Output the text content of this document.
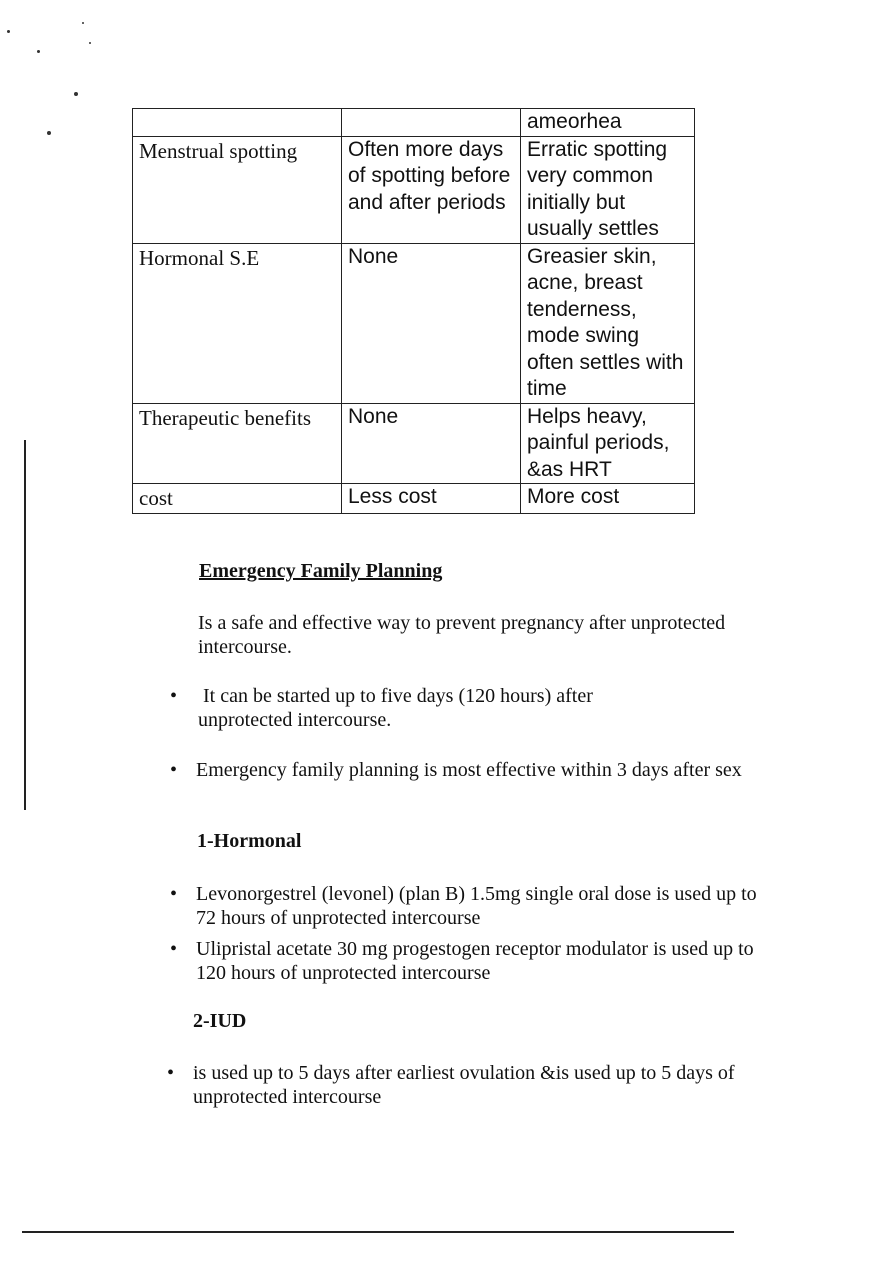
		ameorhea
Menstrual spotting	Often more days of spotting before and after periods	Erratic spotting very common initially but usually settles
Hormonal S.E	None	Greasier skin, acne, breast tenderness, mode swing often settles with time
Therapeutic benefits	None	Helps heavy, painful periods, &as HRT
cost	Less cost	More cost
Emergency Family Planning
Is a safe and effective way to prevent pregnancy after unprotected intercourse.
• It can be started up to five days (120 hours) after unprotected intercourse.
• Emergency family planning is most effective within 3 days after sex
1-Hormonal
• Levonorgestrel (levonel) (plan B) 1.5mg single oral dose is used up to 72 hours of unprotected intercourse
• Ulipristal acetate 30 mg progestogen receptor modulator is used up to 120 hours of unprotected intercourse
2-IUD
• is used up to 5 days after earliest ovulation &is used up to 5 days of unprotected intercourse
